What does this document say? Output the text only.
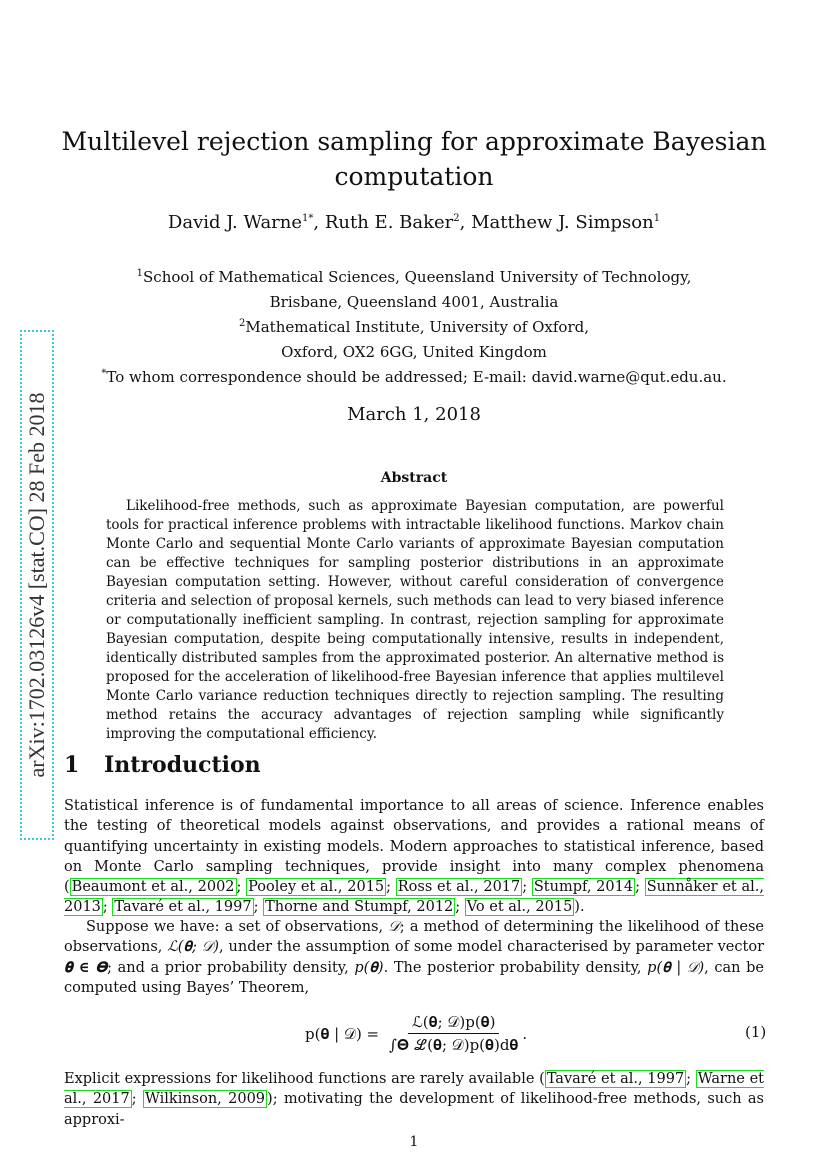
arXiv:1702.03126v4 [stat.CO] 28 Feb 2018
Multilevel rejection sampling for approximate Bayesian
computation
David J. Warne$^{1*}$, Ruth E. Baker$^2$, Matthew J. Simpson$^1$
$^1$School of Mathematical Sciences, Queensland University of Technology,
Brisbane, Queensland 4001, Australia
$^2$Mathematical Institute, University of Oxford,
Oxford, OX2 6GG, United Kingdom
*To whom correspondence should be addressed; E-mail: david.warne@qut.edu.au.
March 1, 2018
Abstract
Likelihood-free methods, such as approximate Bayesian computation, are powerful tools for practical inference problems with intractable likelihood functions. Markov chain Monte Carlo and sequential Monte Carlo variants of approximate Bayesian computation can be effective techniques for sampling posterior distributions in an approximate Bayesian computation setting. However, without careful consideration of convergence criteria and selection of proposal kernels, such methods can lead to very biased inference or computationally inefficient sampling. In contrast, rejection sampling for approximate Bayesian computation, despite being computationally intensive, results in independent, identically distributed samples from the approximated posterior. An alternative method is proposed for the acceleration of likelihood-free Bayesian inference that applies multilevel Monte Carlo variance reduction techniques directly to rejection sampling. The resulting method retains the accuracy advantages of rejection sampling while significantly improving the computational efficiency.
1 Introduction
Statistical inference is of fundamental importance to all areas of science. Inference enables the testing of theoretical models against observations, and provides a rational means of quantifying uncertainty in existing models. Modern approaches to statistical inference, based on Monte Carlo sampling techniques, provide insight into many complex phenomena ( Beaumont et al., 2002 ; Pooley et al., 2015 ; Ross et al., 2017 ; Stumpf, 2014 ; Sunnåker et al., 2013 ; Tavaré et al., 1997 ; Thorne and Stumpf, 2012 ; Vo et al., 2015 ).
Suppose we have: a set of observations, 𝒟; a method of determining the likelihood of these observations, ℒ(𝛉; 𝒟), under the assumption of some model characterised by parameter vector 𝛉 ∈ 𝚯; and a prior probability density, p(𝛉). The posterior probability density, p(𝛉 | 𝒟), can be computed using Bayes’ Theorem,
p(𝛉 | 𝒟) = $\frac{\text{ℒ(𝛉; 𝒟)p(𝛉)}}{\text{∫𝚯 ℒ(𝛉; 𝒟)p(𝛉)d𝛉}}$ .	(1)
Explicit expressions for likelihood functions are rarely available ( Tavaré et al., 1997 ; Warne et al., 2017 ; Wilkinson, 2009 ); motivating the development of likelihood-free methods, such as approxi-
1
